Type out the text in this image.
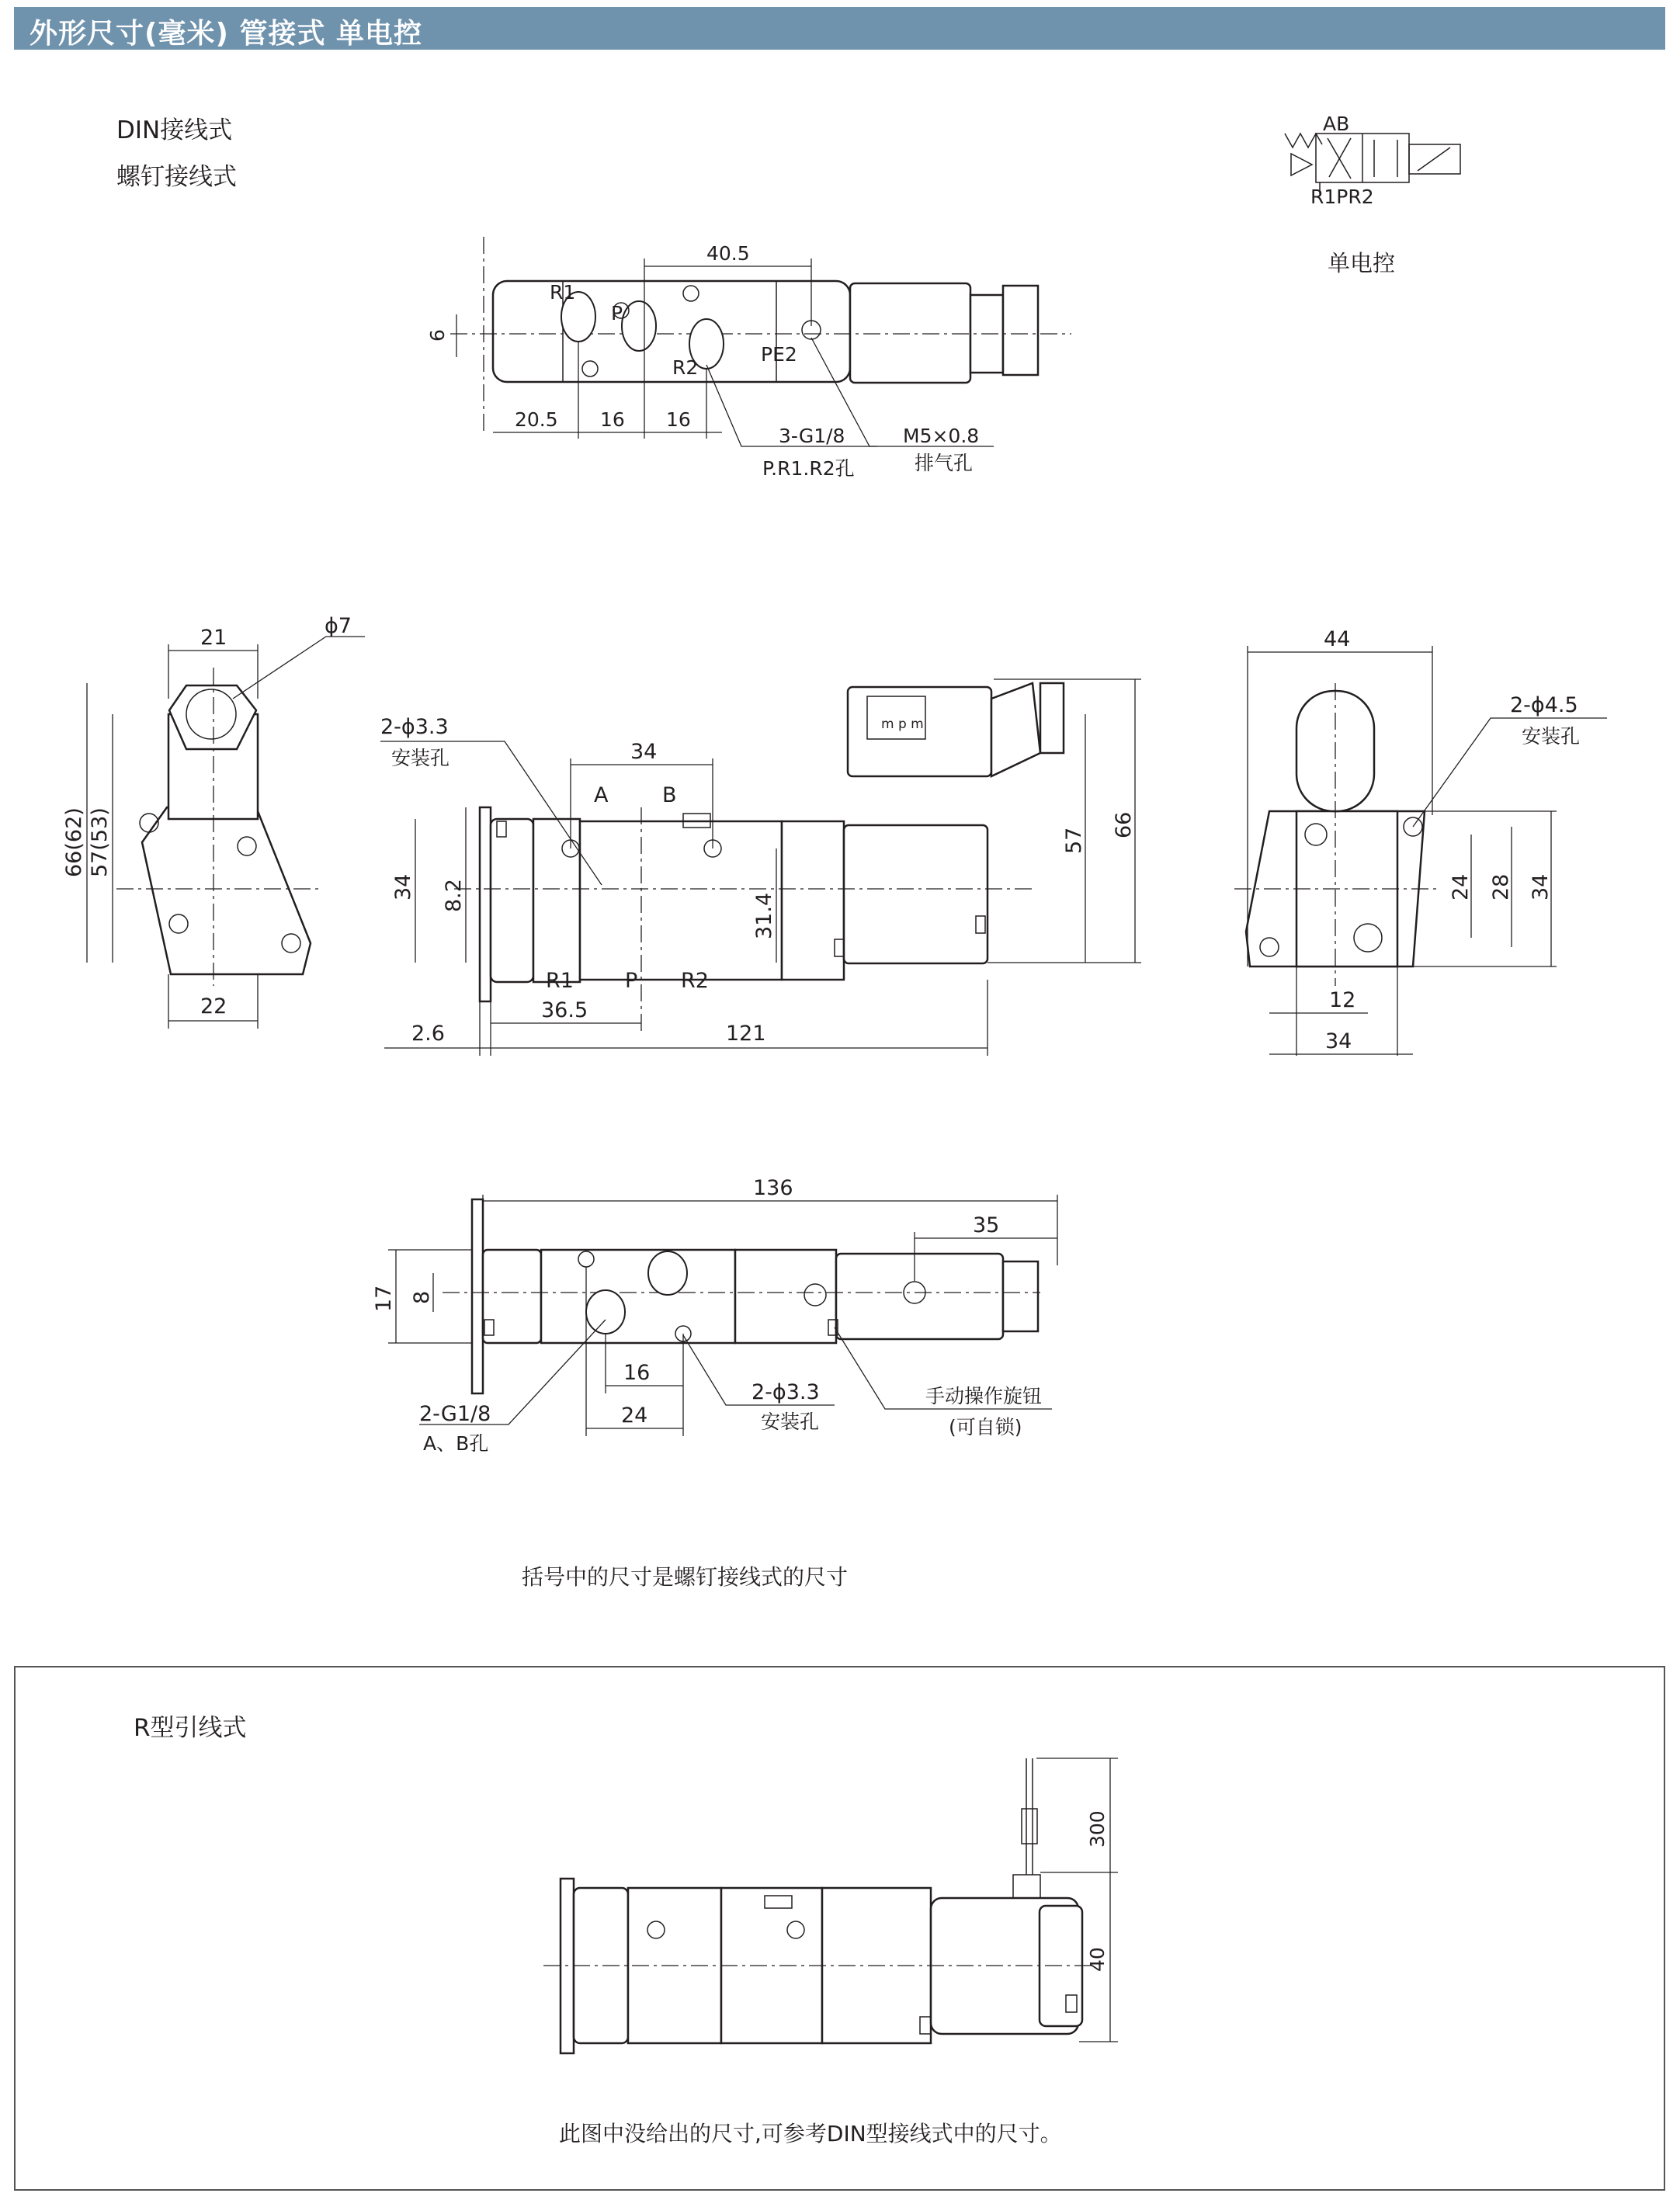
外形尺寸(毫米) 管接式 单电控
DIN接线式
螺钉接线式
单电控
括号中的尺寸是螺钉接线式的尺寸
R型引线式
此图中没给出的尺寸,可参考DIN型接线式中的尺寸。
AB
R1PR2
R1
P
R2
PE2
40.5
6
20.5 16 16
3-G1/8
P.R1.R2孔
M5×0.8
排气孔
21	ϕ7
66(62) 57(53)
22
m p m
2-ϕ3.3
安装孔	34
A	B
34 8.2	31.4
57
66
R1 P R2
36.5
2.6	121
44
2-ϕ4.5
安装孔
24 28 34
12
34
136
35
17 8
16
24
2-G1/8
A、B孔
2-ϕ3.3
安装孔
手动操作旋钮
(可自锁)
300
40
